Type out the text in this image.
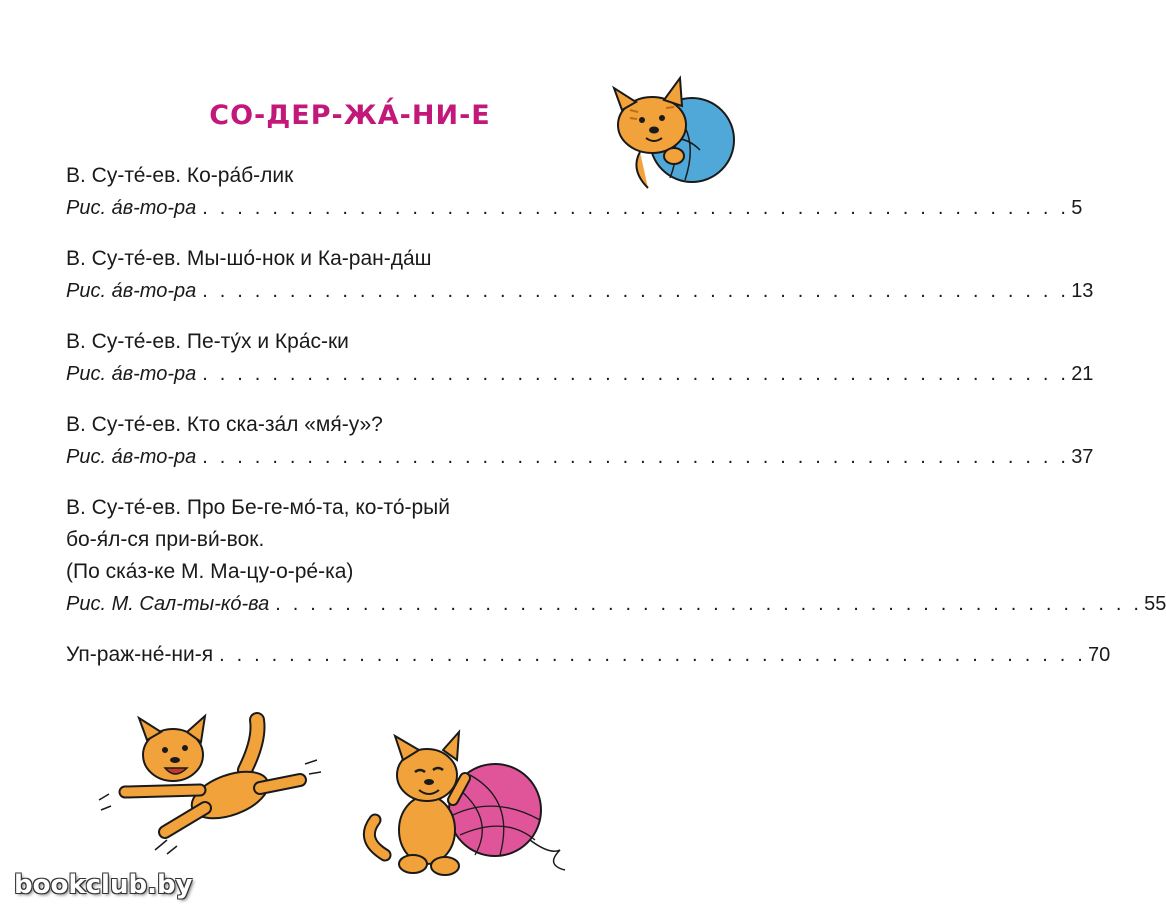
СО-ДЕР-ЖА́-НИ-Е
В. Су-те́-ев. Ко-ра́б-лик
Рис. а́в-то-ра . . . . . . . . . . . . . . . . . . . . . . . . . . . . . . . . . . . . . . . . . . . . . . . . . . 5
В. Су-те́-ев. Мы-шо́-нок и Ка-ран-да́ш
Рис. а́в-то-ра . . . . . . . . . . . . . . . . . . . . . . . . . . . . . . . . . . . . . . . . . . . . . . . . . . 13
В. Су-те́-ев. Пе-ту́х и Кра́с-ки
Рис. а́в-то-ра . . . . . . . . . . . . . . . . . . . . . . . . . . . . . . . . . . . . . . . . . . . . . . . . . . 21
В. Су-те́-ев. Кто ска-за́л «мя́-у»?
Рис. а́в-то-ра . . . . . . . . . . . . . . . . . . . . . . . . . . . . . . . . . . . . . . . . . . . . . . . . . . 37
В. Су-те́-ев. Про Бе-ге-мо́-та, ко-то́-рый
бо-я́л-ся при-ви́-вок.
(По ска́з-ке М. Ма-цу-о-ре́-ка)
Рис. М. Сал-ты-ко́-ва . . . . . . . . . . . . . . . . . . . . . . . . . . . . . . . . . . . . . . . . . . . . . . . . . . 55
Уп-раж-не́-ни-я . . . . . . . . . . . . . . . . . . . . . . . . . . . . . . . . . . . . . . . . . . . . . . . . . . 70
bookclub.by
